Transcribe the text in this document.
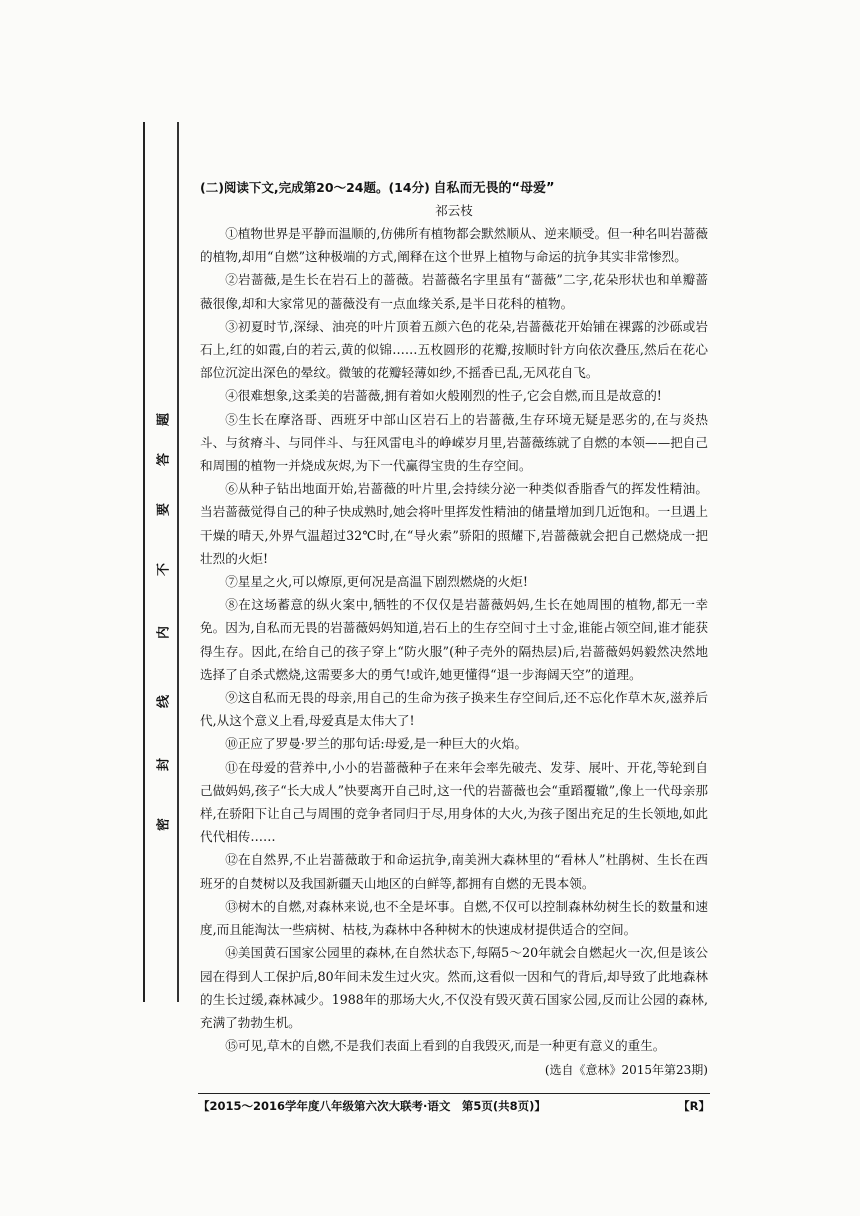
密
封
线
内
不
要
答
题
(二)阅读下文,完成第20～24题。(14分) 自私而无畏的“母爱”
祁云枝

①植物世界是平静而温顺的,仿佛所有植物都会默然顺从、逆来顺受。但一种名叫岩蔷薇的植物,却用“自燃”这种极端的方式,阐释在这个世界上植物与命运的抗争其实非常惨烈。

②岩蔷薇,是生长在岩石上的蔷薇。岩蔷薇名字里虽有“蔷薇”二字,花朵形状也和单瓣蔷薇很像,却和大家常见的蔷薇没有一点血缘关系,是半日花科的植物。

③初夏时节,深绿、油亮的叶片顶着五颜六色的花朵,岩蔷薇花开始铺在裸露的沙砾或岩石上,红的如霞,白的若云,黄的似锦……五枚圆形的花瓣,按顺时针方向依次叠压,然后在花心部位沉淀出深色的晕纹。微皱的花瓣轻薄如纱,不摇香已乱,无风花自飞。

④很难想象,这柔美的岩蔷薇,拥有着如火般刚烈的性子,它会自燃,而且是故意的!

⑤生长在摩洛哥、西班牙中部山区岩石上的岩蔷薇,生存环境无疑是恶劣的,在与炎热斗、与贫瘠斗、与同伴斗、与狂风雷电斗的峥嵘岁月里,岩蔷薇练就了自燃的本领——把自己和周围的植物一并烧成灰烬,为下一代赢得宝贵的生存空间。

⑥从种子钻出地面开始,岩蔷薇的叶片里,会持续分泌一种类似香脂香气的挥发性精油。当岩蔷薇觉得自己的种子快成熟时,她会将叶里挥发性精油的储量增加到几近饱和。一旦遇上干燥的晴天,外界气温超过32℃时,在“导火索”骄阳的照耀下,岩蔷薇就会把自己燃烧成一把壮烈的火炬!

⑦星星之火,可以燎原,更何况是高温下剧烈燃烧的火炬!

⑧在这场蓄意的纵火案中,牺牲的不仅仅是岩蔷薇妈妈,生长在她周围的植物,都无一幸免。因为,自私而无畏的岩蔷薇妈妈知道,岩石上的生存空间寸土寸金,谁能占领空间,谁才能获得生存。因此,在给自己的孩子穿上“防火服”(种子壳外的隔热层)后,岩蔷薇妈妈毅然决然地选择了自杀式燃烧,这需要多大的勇气!或许,她更懂得“退一步海阔天空”的道理。

⑨这自私而无畏的母亲,用自己的生命为孩子换来生存空间后,还不忘化作草木灰,滋养后代,从这个意义上看,母爱真是太伟大了!

⑩正应了罗曼·罗兰的那句话:母爱,是一种巨大的火焰。

⑪在母爱的营养中,小小的岩蔷薇种子在来年会率先破壳、发芽、展叶、开花,等轮到自己做妈妈,孩子“长大成人”快要离开自己时,这一代的岩蔷薇也会“重蹈覆辙”,像上一代母亲那样,在骄阳下让自己与周围的竞争者同归于尽,用身体的大火,为孩子图出充足的生长领地,如此代代相传……

⑫在自然界,不止岩蔷薇敢于和命运抗争,南美洲大森林里的“看林人”杜鹃树、生长在西班牙的自焚树以及我国新疆天山地区的白鲜等,都拥有自燃的无畏本领。

⑬树木的自燃,对森林来说,也不全是坏事。自燃,不仅可以控制森林幼树生长的数量和速度,而且能淘汰一些病树、枯枝,为森林中各种树木的快速成材提供适合的空间。

⑭美国黄石国家公园里的森林,在自然状态下,每隔5～20年就会自燃起火一次,但是该公园在得到人工保护后,80年间未发生过火灾。然而,这看似一因和气的背后,却导致了此地森林的生长过缓,森林减少。1988年的那场大火,不仅没有毁灭黄石国家公园,反而让公园的森林,充满了勃勃生机。

⑮可见,草木的自燃,不是我们表面上看到的自我毁灭,而是一种更有意义的重生。

(选自《意林》2015年第23期)
【2015～2016学年度八年级第六次大联考·语文　第5页(共8页)】	【R】
